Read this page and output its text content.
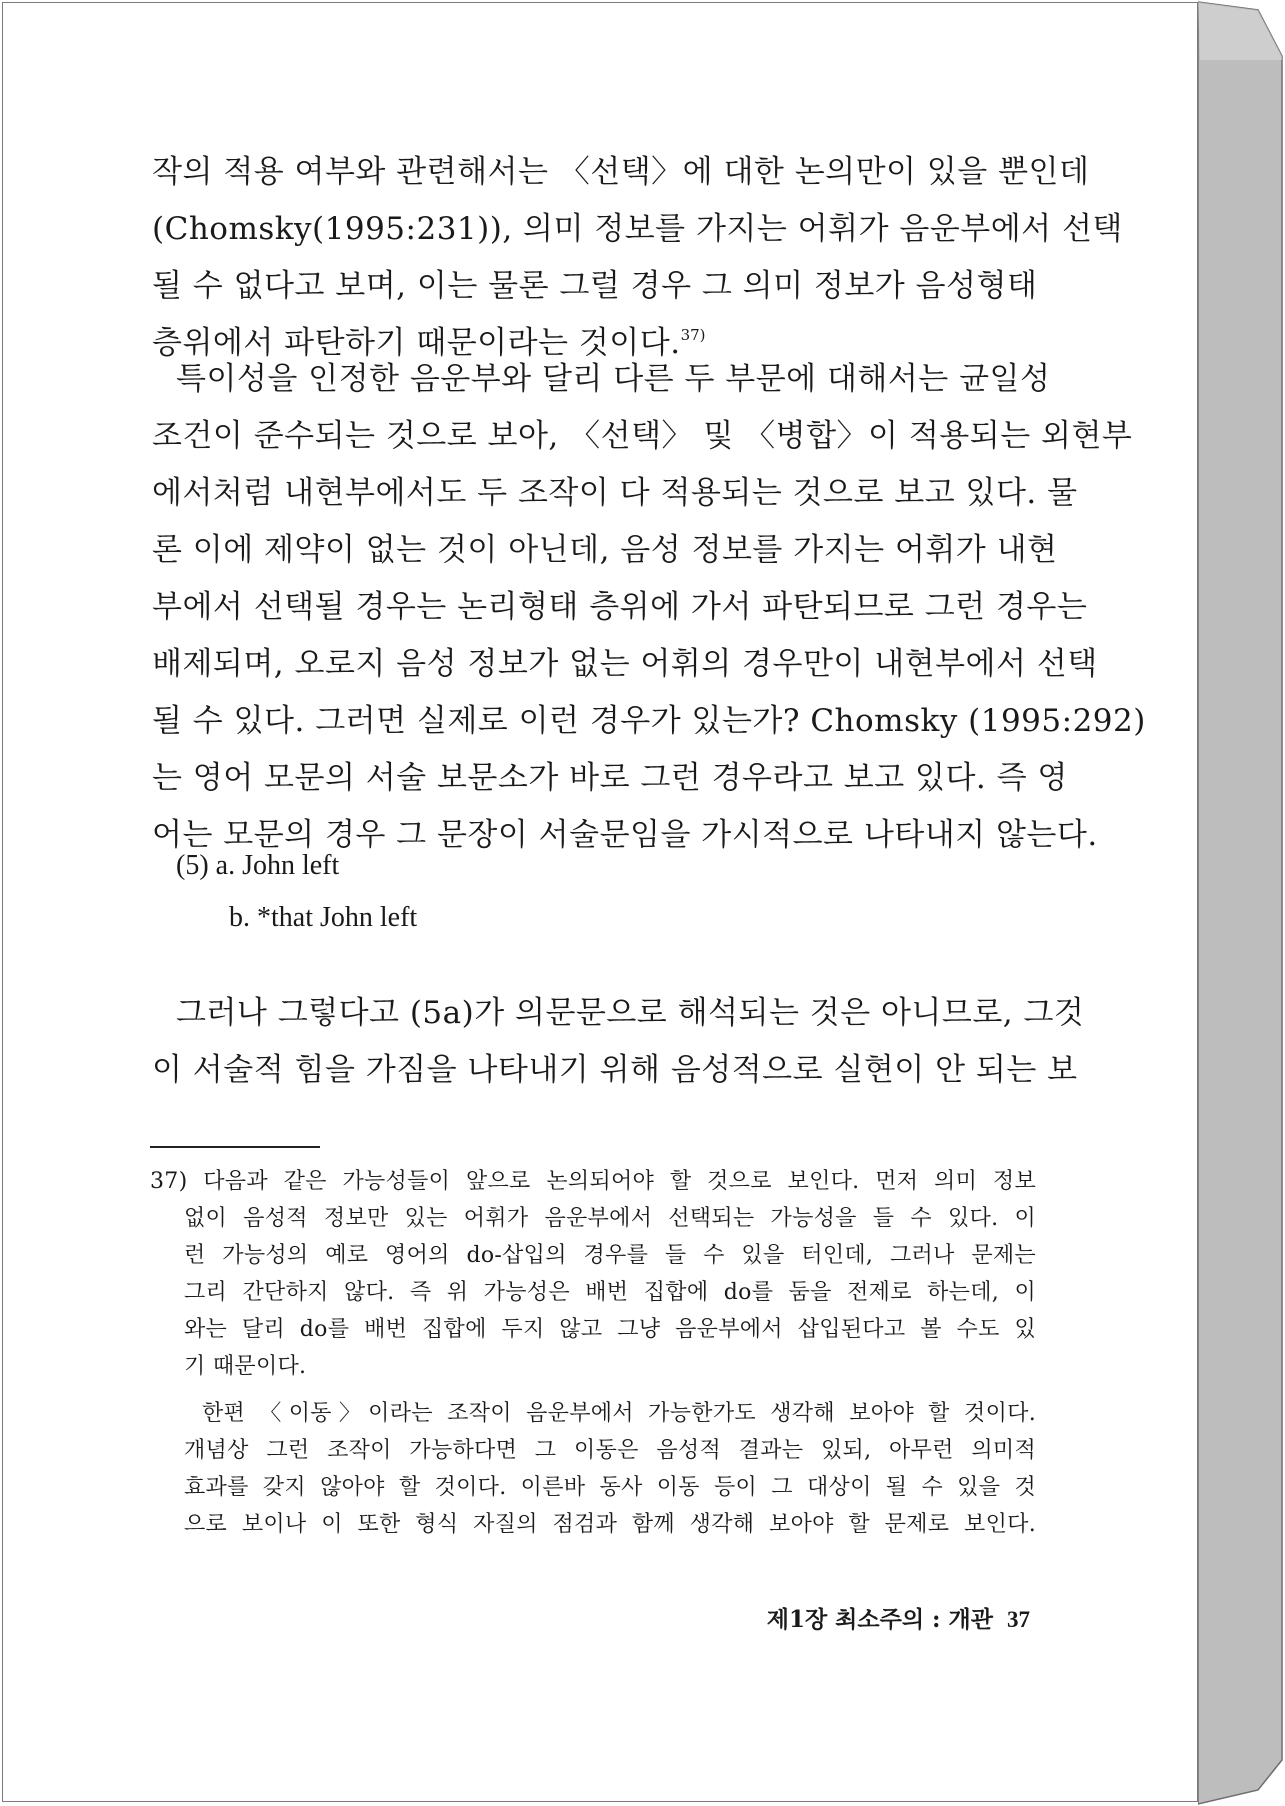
작의 적용 여부와 관련해서는 〈선택〉에 대한 논의만이 있을 뿐인데
(Chomsky(1995:231)), 의미 정보를 가지는 어휘가 음운부에서 선택
될 수 없다고 보며, 이는 물론 그럴 경우 그 의미 정보가 음성형태
층위에서 파탄하기 때문이라는 것이다.$^{37)}$
특이성을 인정한 음운부와 달리 다른 두 부문에 대해서는 균일성
조건이 준수되는 것으로 보아, 〈선택〉 및 〈병합〉이 적용되는 외현부
에서처럼 내현부에서도 두 조작이 다 적용되는 것으로 보고 있다. 물
론 이에 제약이 없는 것이 아닌데, 음성 정보를 가지는 어휘가 내현
부에서 선택될 경우는 논리형태 층위에 가서 파탄되므로 그런 경우는
배제되며, 오로지 음성 정보가 없는 어휘의 경우만이 내현부에서 선택
될 수 있다. 그러면 실제로 이런 경우가 있는가? Chomsky (1995:292)
는 영어 모문의 서술 보문소가 바로 그런 경우라고 보고 있다. 즉 영
어는 모문의 경우 그 문장이 서술문임을 가시적으로 나타내지 않는다.
(5) a. John left
b. *that John left
그러나 그렇다고 (5a)가 의문문으로 해석되는 것은 아니므로, 그것
이 서술적 힘을 가짐을 나타내기 위해 음성적으로 실현이 안 되는 보
37) 다음과 같은 가능성들이 앞으로 논의되어야 할 것으로 보인다. 먼저 의미 정보
없이 음성적 정보만 있는 어휘가 음운부에서 선택되는 가능성을 들 수 있다. 이
런 가능성의 예로 영어의 do-삽입의 경우를 들 수 있을 터인데, 그러나 문제는
그리 간단하지 않다. 즉 위 가능성은 배번 집합에 do를 둠을 전제로 하는데, 이
와는 달리 do를 배번 집합에 두지 않고 그냥 음운부에서 삽입된다고 볼 수도 있
기 때문이다.
한편 〈이동〉이라는 조작이 음운부에서 가능한가도 생각해 보아야 할 것이다.
개념상 그런 조작이 가능하다면 그 이동은 음성적 결과는 있되, 아무런 의미적
효과를 갖지 않아야 할 것이다. 이른바 동사 이동 등이 그 대상이 될 수 있을 것
으로 보이나 이 또한 형식 자질의 점검과 함께 생각해 보아야 할 문제로 보인다.
제1장 최소주의 : 개관 37
